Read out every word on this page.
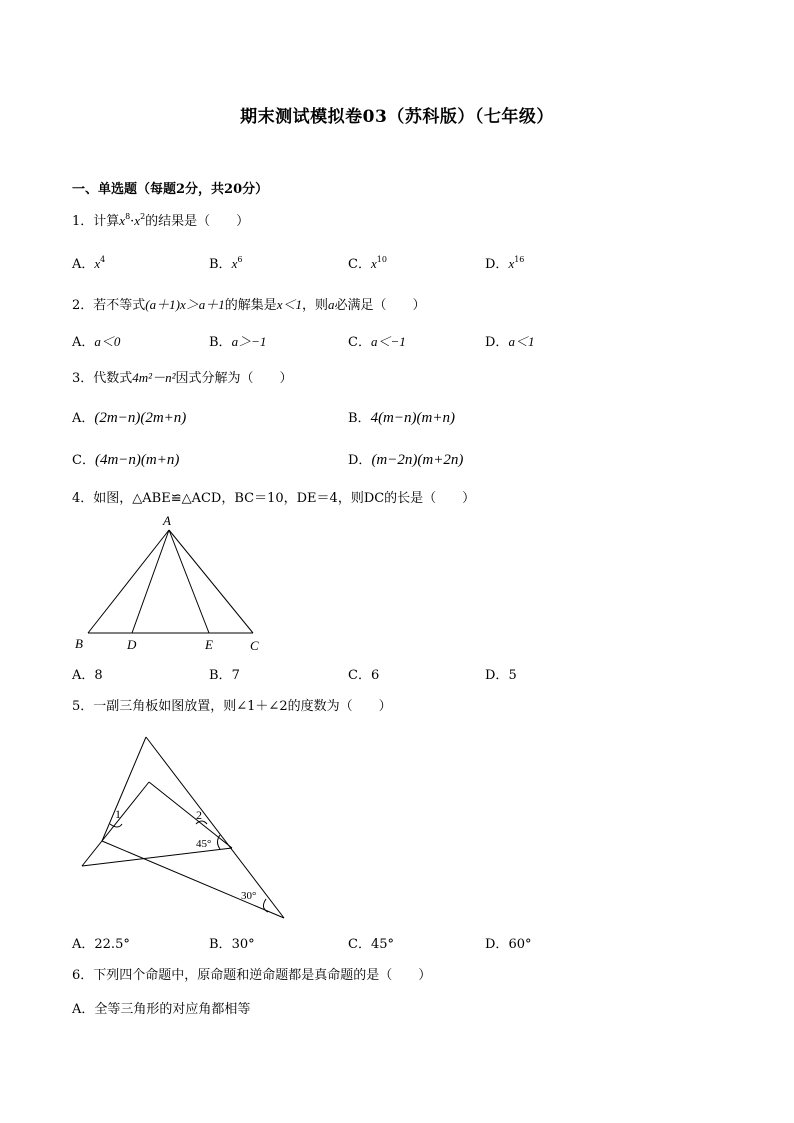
期末测试模拟卷03（苏科版）（七年级）
一、单选题（每题2分，共20分）
1．计算$x^8\cdot x^2$的结果是（　　）
A．$x^4$	B．$x^6$	C．$x^{10}$	D．$x^{16}$
2．若不等式(a＋1)x＞a＋1的解集是x＜1，则a必满足（　　）
A．a＜0	B．a＞−1	C．a＜−1	D．a＜1
3．代数式4m²－n²因式分解为（　　）
A．(2m−n)(2m+n)	B．4(m−n)(m+n)
C．(4m−n)(m+n)	D．(m−2n)(m+2n)
4．如图，△ABE≌△ACD，BC＝10，DE＝4，则DC的长是（　　）
A
B	D	E	C
A．8	B．7	C．6	D．5
5．一副三角板如图放置，则∠1＋∠2的度数为（　　）
1	2
45°
30°
A．22.5°	B．30°	C．45°	D．60°
6．下列四个命题中，原命题和逆命题都是真命题的是（　　）
A．全等三角形的对应角都相等
